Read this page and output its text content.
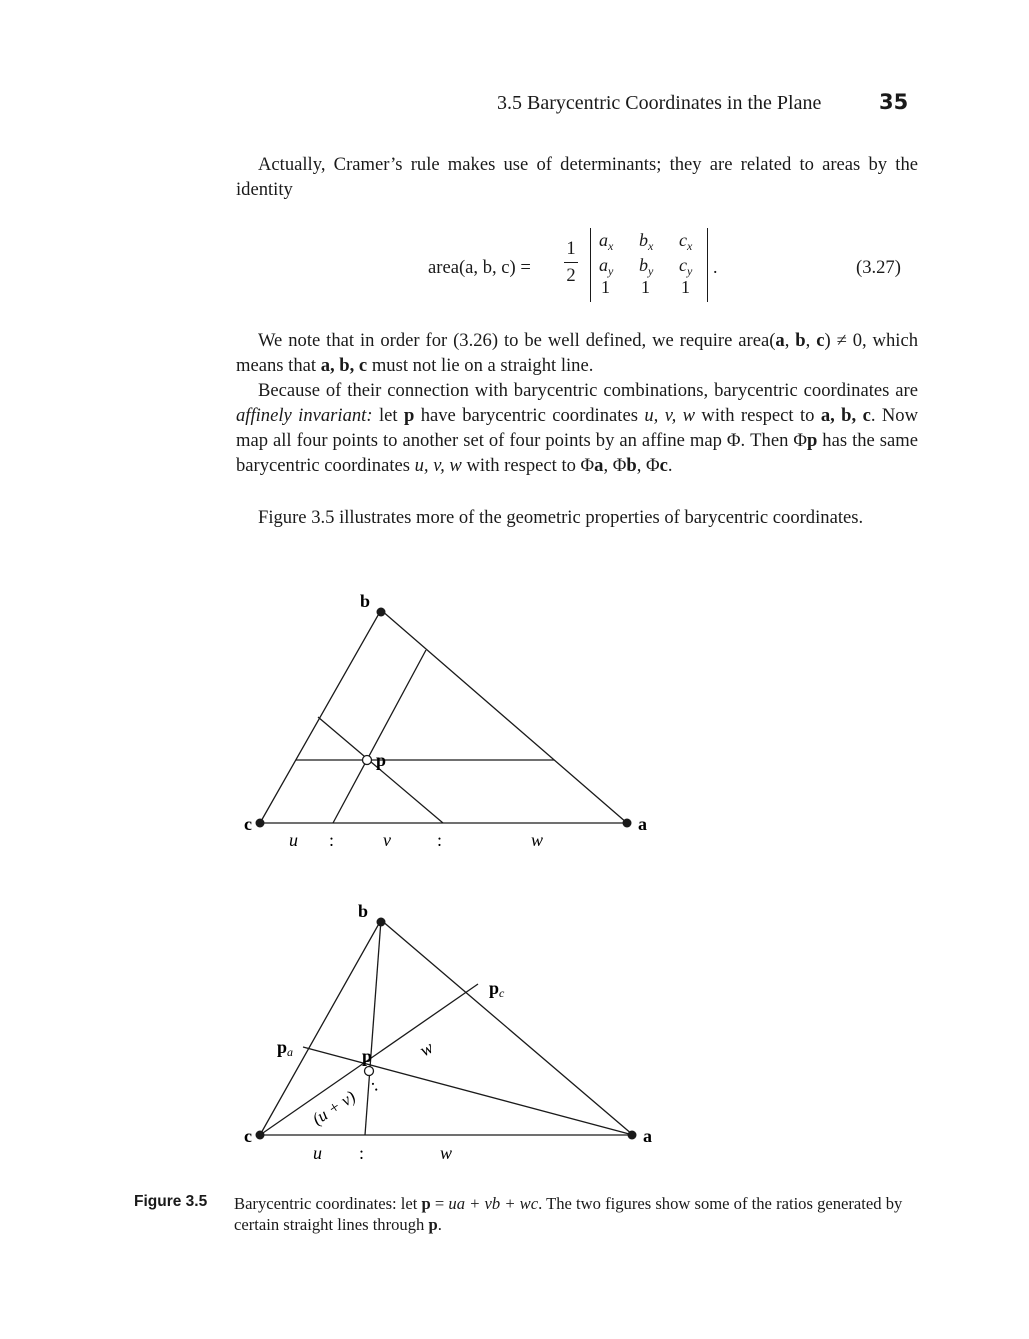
3.5 Barycentric Coordinates in the Plane	35
Actually, Cramer’s rule makes use of determinants; they are related to areas by the identity
area(a, b, c) =
1
2
$a_x$ $b_x$ $c_x$
$a_y$ $b_y$ $c_y$
1 1 1
.	(3.27)
We note that in order for (3.26) to be well defined, we require area(a, b, c) ≠ 0, which means that a, b, c must not lie on a straight line.
Because of their connection with barycentric combinations, barycentric coordinates are affinely invariant: let p have barycentric coordinates u, v, w with respect to a, b, c. Now map all four points to another set of four points by an affine map Φ. Then Φp has the same barycentric coordinates u, v, w with respect to Φa, Φb, Φc.
Figure 3.5 illustrates more of the geometric properties of barycentric coordinates.
b
c	a
p
u :	v	:	w
b
c	a
p
pa
pc
w
(u + v)
:
u :	w
Figure 3.5 Barycentric coordinates: let p = ua + vb + wc. The two figures show some of the ratios generated by certain straight lines through p.
